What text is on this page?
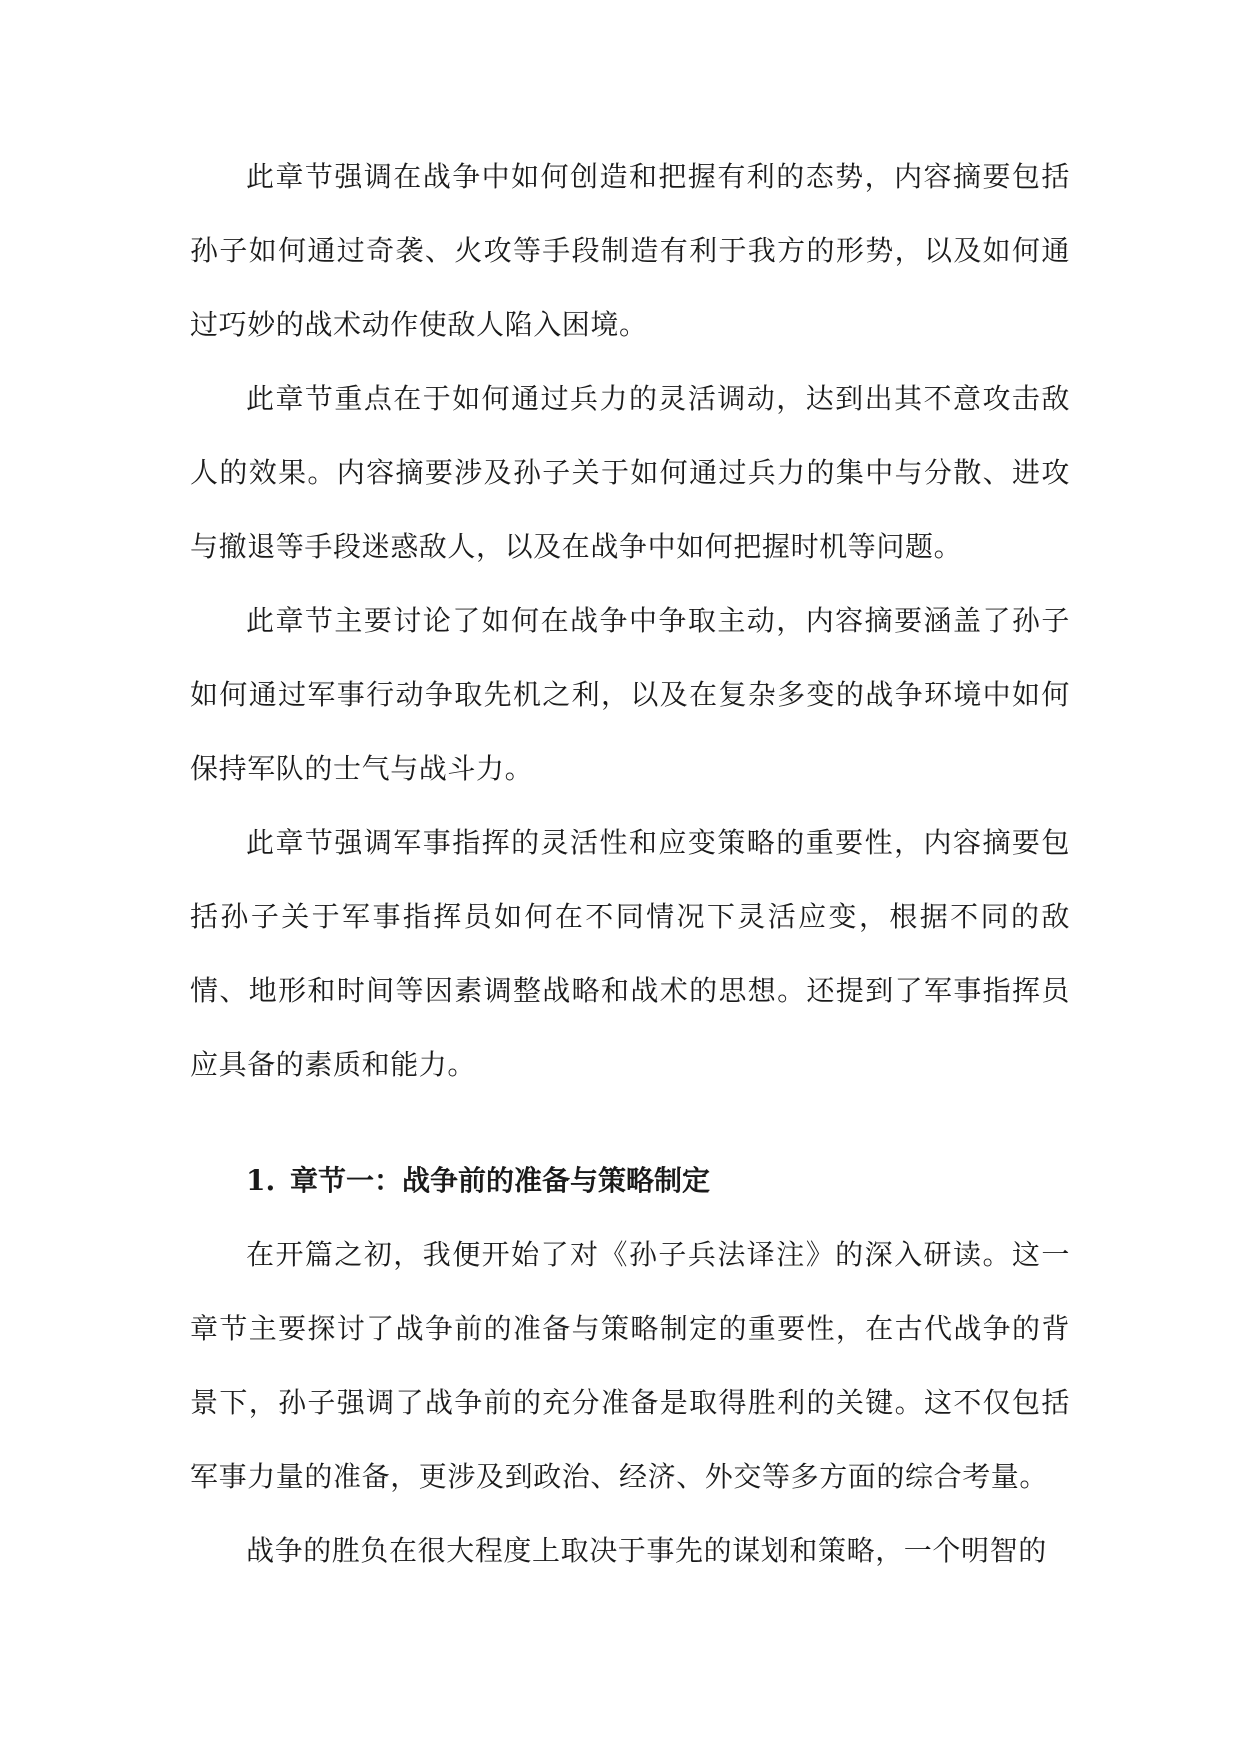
此章节强调在战争中如何创造和把握有利的态势，内容摘要包括孙子如何通过奇袭、火攻等手段制造有利于我方的形势，以及如何通过巧妙的战术动作使敌人陷入困境。

此章节重点在于如何通过兵力的灵活调动，达到出其不意攻击敌人的效果。内容摘要涉及孙子关于如何通过兵力的集中与分散、进攻与撤退等手段迷惑敌人，以及在战争中如何把握时机等问题。

此章节主要讨论了如何在战争中争取主动，内容摘要涵盖了孙子如何通过军事行动争取先机之利，以及在复杂多变的战争环境中如何保持军队的士气与战斗力。

此章节强调军事指挥的灵活性和应变策略的重要性，内容摘要包括孙子关于军事指挥员如何在不同情况下灵活应变，根据不同的敌情、地形和时间等因素调整战略和战术的思想。还提到了军事指挥员应具备的素质和能力。

1. 章节一：战争前的准备与策略制定

在开篇之初，我便开始了对《孙子兵法译注》的深入研读。这一章节主要探讨了战争前的准备与策略制定的重要性，在古代战争的背景下，孙子强调了战争前的充分准备是取得胜利的关键。这不仅包括军事力量的准备，更涉及到政治、经济、外交等多方面的综合考量。

战争的胜负在很大程度上取决于事先的谋划和策略，一个明智的
